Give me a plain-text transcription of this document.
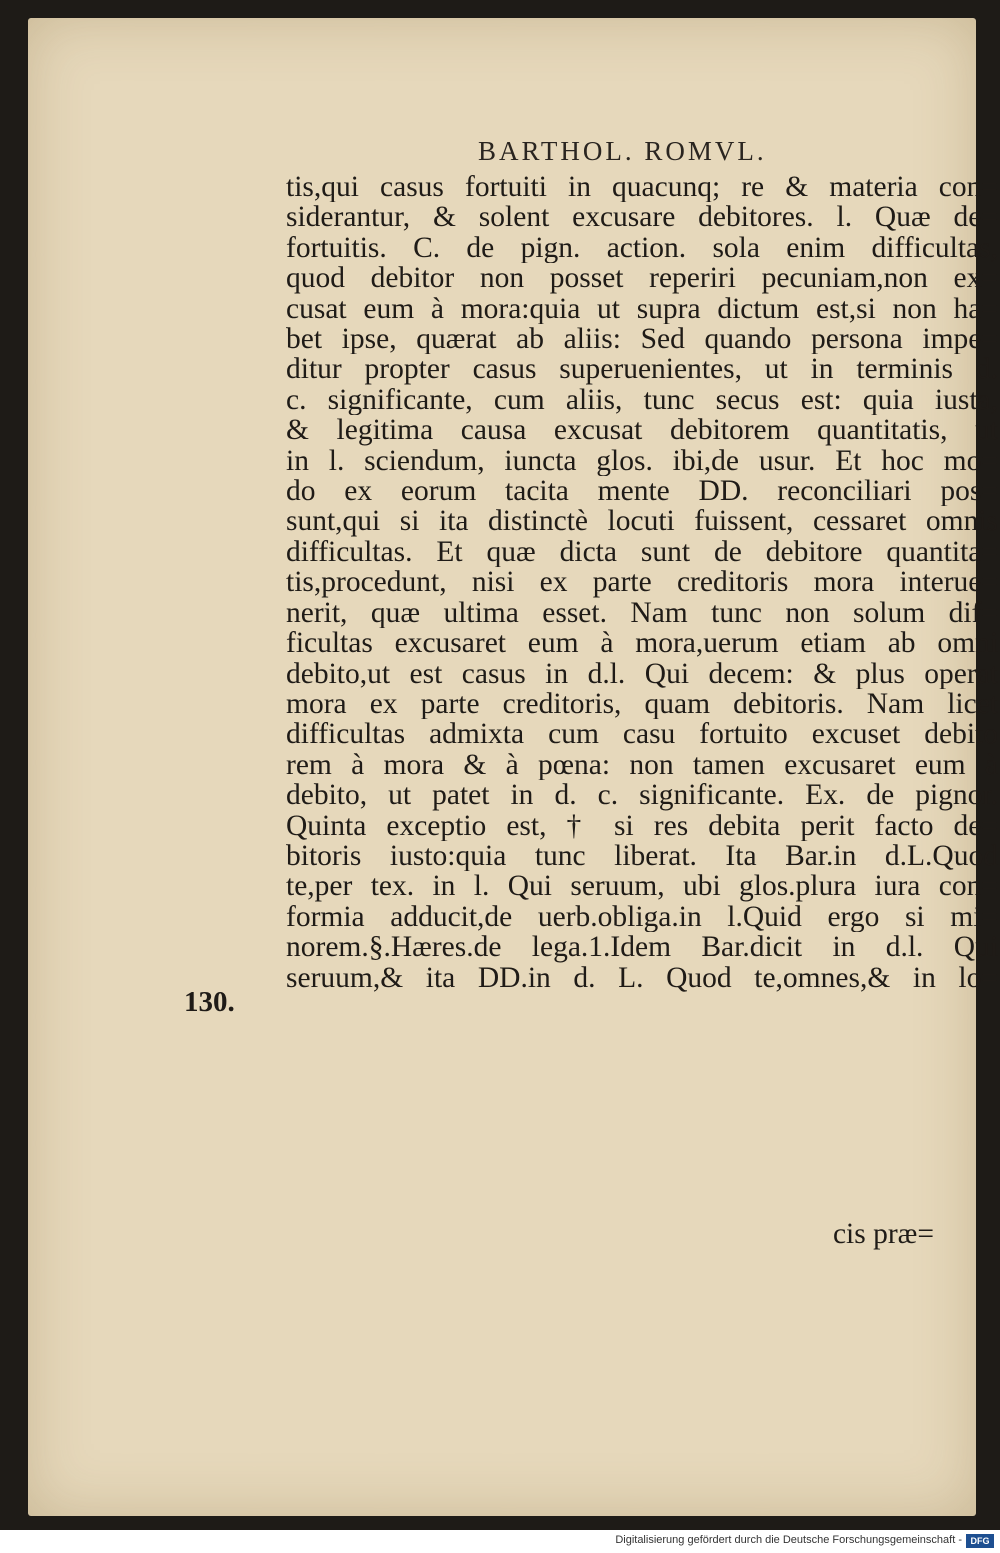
BARTHOL. ROMVL.
130.
tis,qui casus fortuiti in quacunq; re & materia con=
siderantur, & solent excusare debitores. l. Quæ de=
fortuitis. C. de pign. action. sola enim difficultas,
quod debitor non posset reperiri pecuniam,non ex=
cusat eum à mora:quia ut supra dictum est,si non ha=
bet ipse, quærat ab aliis: Sed quando persona impe=
ditur propter casus superuenientes, ut in terminis d.
c. significante, cum aliis, tunc secus est: quia iusta,
& legitima causa excusat debitorem quantitatis, ut
in l. sciendum, iuncta glos. ibi,de usur. Et hoc mo=
do ex eorum tacita mente DD. reconciliari pos=
sunt,qui si ita distinctè locuti fuissent, cessaret omnis
difficultas. Et quæ dicta sunt de debitore quantita=
tis,procedunt, nisi ex parte creditoris mora interue=
nerit, quæ ultima esset. Nam tunc non solum dif=
ficultas excusaret eum à mora,uerum etiam ab omni
debito,ut est casus in d.l. Qui decem: & plus operat
mora ex parte creditoris, quam debitoris. Nam licet
difficultas admixta cum casu fortuito excuset debito
rem à mora & à pœna: non tamen excusaret eum à
debito, ut patet in d. c. significante. Ex. de pignor.
Quinta exceptio est, † si res debita perit facto de=
bitoris iusto:quia tunc liberat. Ita Bar.in d.L.Quod
te,per tex. in l. Qui seruum, ubi glos.plura iura con=
formia adducit,de uerb.obliga.in l.Quid ergo si mi=
norem.§.Hæres.de lega.1.Idem Bar.dicit in d.l. Qui
seruum,& ita DD.in d. L. Quod te,omnes,& in lo=
cis præ=
Digitalisierung gefördert durch die Deutsche Forschungsgemeinschaft - DFG
